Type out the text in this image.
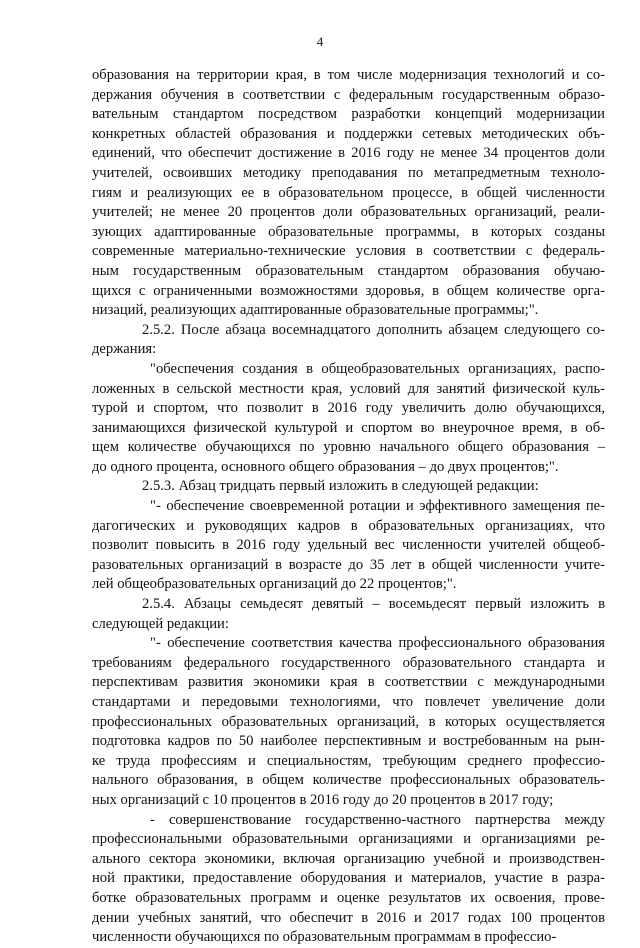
4
образования на территории края, в том числе модернизация технологий и со-
держания обучения в соответствии с федеральным государственным образо-
вательным стандартом посредством разработки концепций модернизации
конкретных областей образования и поддержки сетевых методических объ-
единений, что обеспечит достижение в 2016 году не менее 34 процентов доли
учителей, освоивших методику преподавания по метапредметным техноло-
гиям и реализующих ее в образовательном процессе, в общей численности
учителей; не менее 20 процентов доли образовательных организаций, реали-
зующих адаптированные образовательные программы, в которых созданы
современные материально-технические условия в соответствии с федераль-
ным государственным образовательным стандартом образования обучаю-
щихся с ограниченными возможностями здоровья, в общем количестве орга-
низаций, реализующих адаптированные образовательные программы;".
2.5.2. После абзаца восемнадцатого дополнить абзацем следующего со-
держания:
"обеспечения создания в общеобразовательных организациях, распо-
ложенных в сельской местности края, условий для занятий физической куль-
турой и спортом, что позволит в 2016 году увеличить долю обучающихся,
занимающихся физической культурой и спортом во внеурочное время, в об-
щем количестве обучающихся по уровню начального общего образования –
до одного процента, основного общего образования – до двух процентов;".
2.5.3. Абзац тридцать первый изложить в следующей редакции:
"- обеспечение своевременной ротации и эффективного замещения пе-
дагогических и руководящих кадров в образовательных организациях, что
позволит повысить в 2016 году удельный вес численности учителей общеоб-
разовательных организаций в возрасте до 35 лет в общей численности учите-
лей общеобразовательных организаций до 22 процентов;".
2.5.4. Абзацы семьдесят девятый – восемьдесят первый изложить в
следующей редакции:
"- обеспечение соответствия качества профессионального образования
требованиям федерального государственного образовательного стандарта и
перспективам развития экономики края в соответствии с международными
стандартами и передовыми технологиями, что повлечет увеличение доли
профессиональных образовательных организаций, в которых осуществляется
подготовка кадров по 50 наиболее перспективным и востребованным на рын-
ке труда профессиям и специальностям, требующим среднего профессио-
нального образования, в общем количестве профессиональных образователь-
ных организаций с 10 процентов в 2016 году до 20 процентов в 2017 году;
- совершенствование государственно-частного партнерства между
профессиональными образовательными организациями и организациями ре-
ального сектора экономики, включая организацию учебной и производствен-
ной практики, предоставление оборудования и материалов, участие в разра-
ботке образовательных программ и оценке результатов их освоения, прове-
дении учебных занятий, что обеспечит в 2016 и 2017 годах 100 процентов
численности обучающихся по образовательным программам в профессио-
